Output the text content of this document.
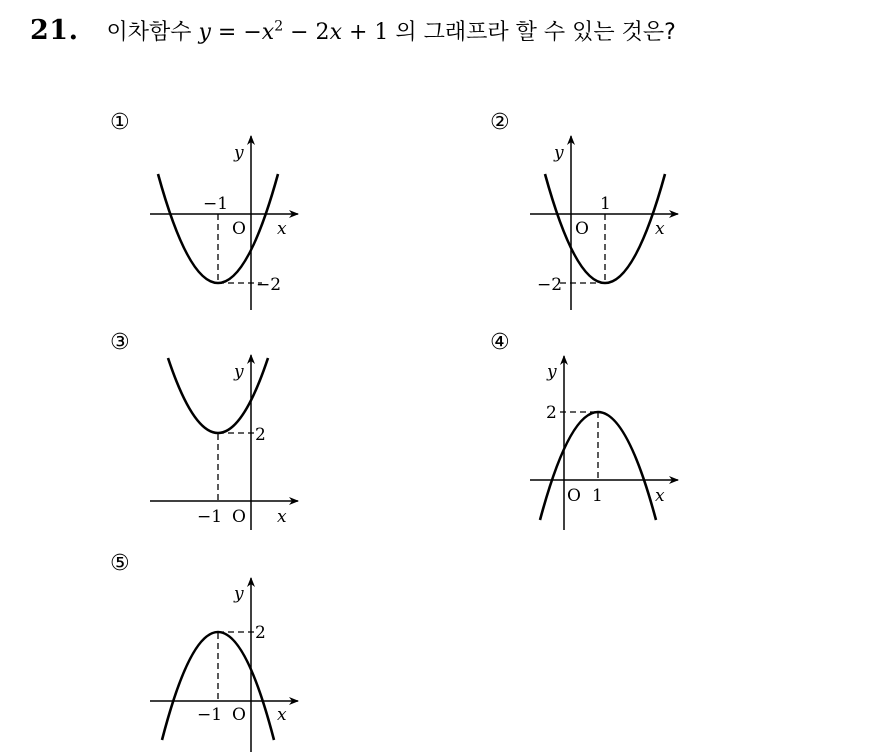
21. 이차함수 $y = -x^2 - 2x + 1$ 의 그래프라 할 수 있는 것은?
①
y
x
O
−1
−2
②
y
x
O
1
−2
③
y
x
O
−1
2
④
y
x
O 1
2
⑤
y
x
O
−1
2
